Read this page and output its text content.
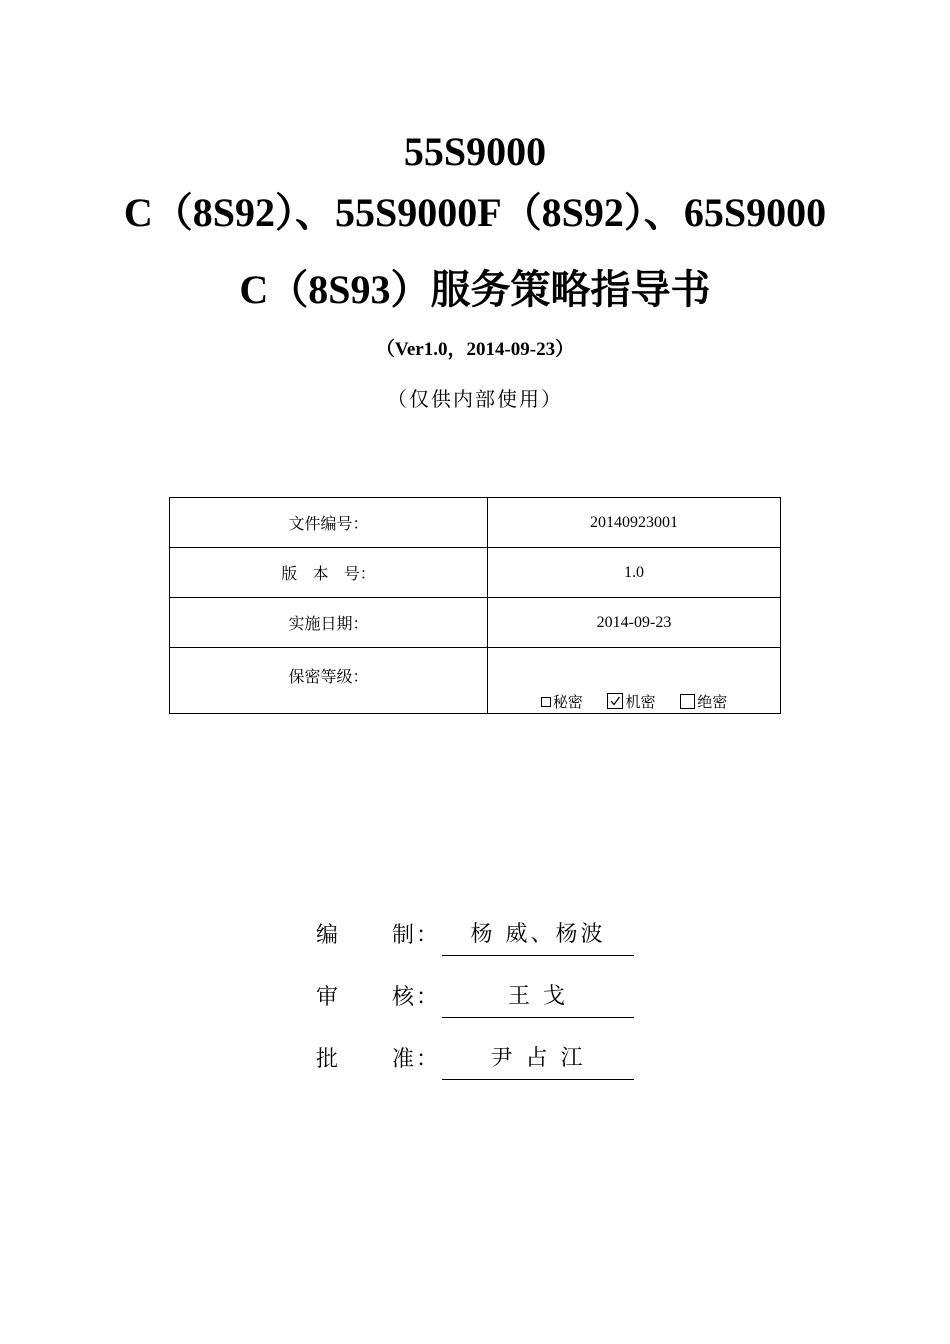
55S9000
C（8S92）、55S9000F（8S92）、65S9000
C（8S93）服务策略指导书
（Ver1.0，2014-09-23）
（仅供内部使用）
文件编号：	20140923001
版 本 号：	1.0
实施日期：	2014-09-23
保密等级：	秘密 机密 绝密
编 制 ：	杨 威、杨波
审 核 ：	王 戈
批 准 ：	尹 占 江
